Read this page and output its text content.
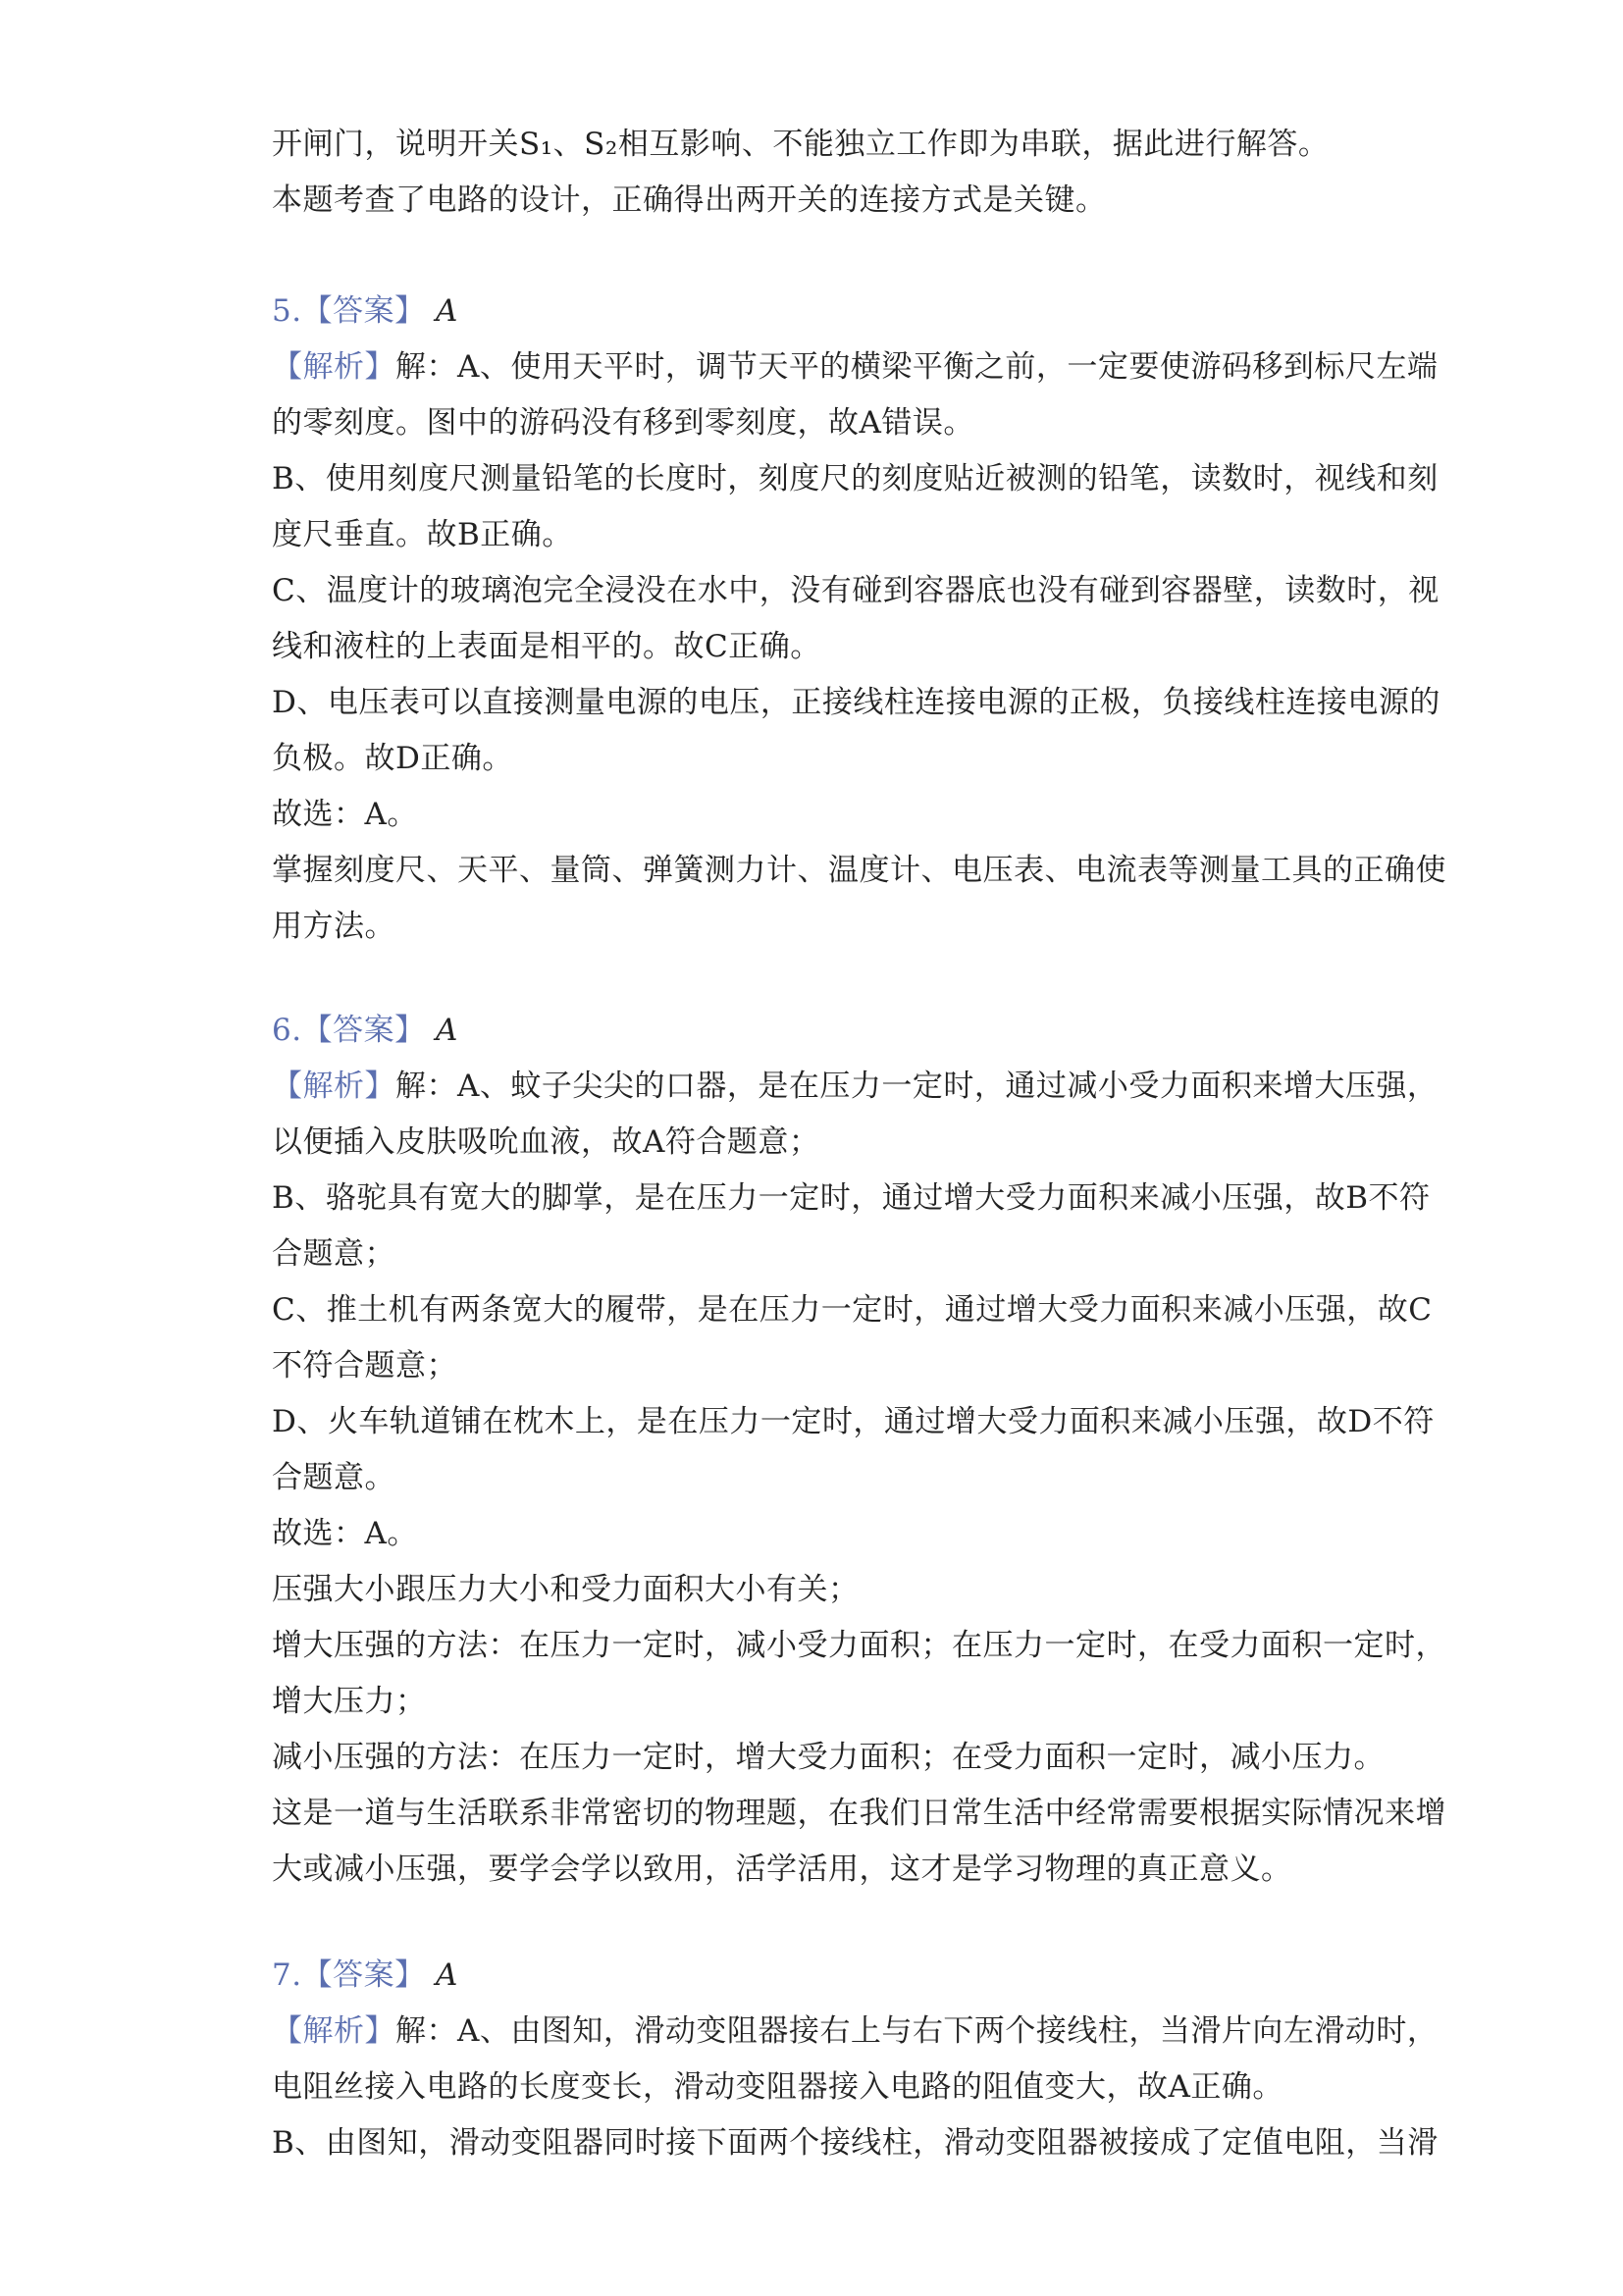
开闸门，说明开关S₁、S₂相互影响、不能独立工作即为串联，据此进行解答。
本题考查了电路的设计，正确得出两开关的连接方式是关键。
5.【答案】 A
【解析】解：A、使用天平时，调节天平的横梁平衡之前，一定要使游码移到标尺左端
的零刻度。图中的游码没有移到零刻度，故A错误。
B、使用刻度尺测量铅笔的长度时，刻度尺的刻度贴近被测的铅笔，读数时，视线和刻
度尺垂直。故B正确。
C、温度计的玻璃泡完全浸没在水中，没有碰到容器底也没有碰到容器壁，读数时，视
线和液柱的上表面是相平的。故C正确。
D、电压表可以直接测量电源的电压，正接线柱连接电源的正极，负接线柱连接电源的
负极。故D正确。
故选：A。
掌握刻度尺、天平、量筒、弹簧测力计、温度计、电压表、电流表等测量工具的正确使
用方法。
6.【答案】 A
【解析】解：A、蚊子尖尖的口器，是在压力一定时，通过减小受力面积来增大压强，
以便插入皮肤吸吮血液，故A符合题意；
B、骆驼具有宽大的脚掌，是在压力一定时，通过增大受力面积来减小压强，故B不符
合题意；
C、推土机有两条宽大的履带，是在压力一定时，通过增大受力面积来减小压强，故C
不符合题意；
D、火车轨道铺在枕木上，是在压力一定时，通过增大受力面积来减小压强，故D不符
合题意。
故选：A。
压强大小跟压力大小和受力面积大小有关；
增大压强的方法：在压力一定时，减小受力面积；在压力一定时，在受力面积一定时，
增大压力；
减小压强的方法：在压力一定时，增大受力面积；在受力面积一定时，减小压力。
这是一道与生活联系非常密切的物理题，在我们日常生活中经常需要根据实际情况来增
大或减小压强，要学会学以致用，活学活用，这才是学习物理的真正意义。
7.【答案】 A
【解析】解：A、由图知，滑动变阻器接右上与右下两个接线柱，当滑片向左滑动时，
电阻丝接入电路的长度变长，滑动变阻器接入电路的阻值变大，故A正确。
B、由图知，滑动变阻器同时接下面两个接线柱，滑动变阻器被接成了定值电阻，当滑
